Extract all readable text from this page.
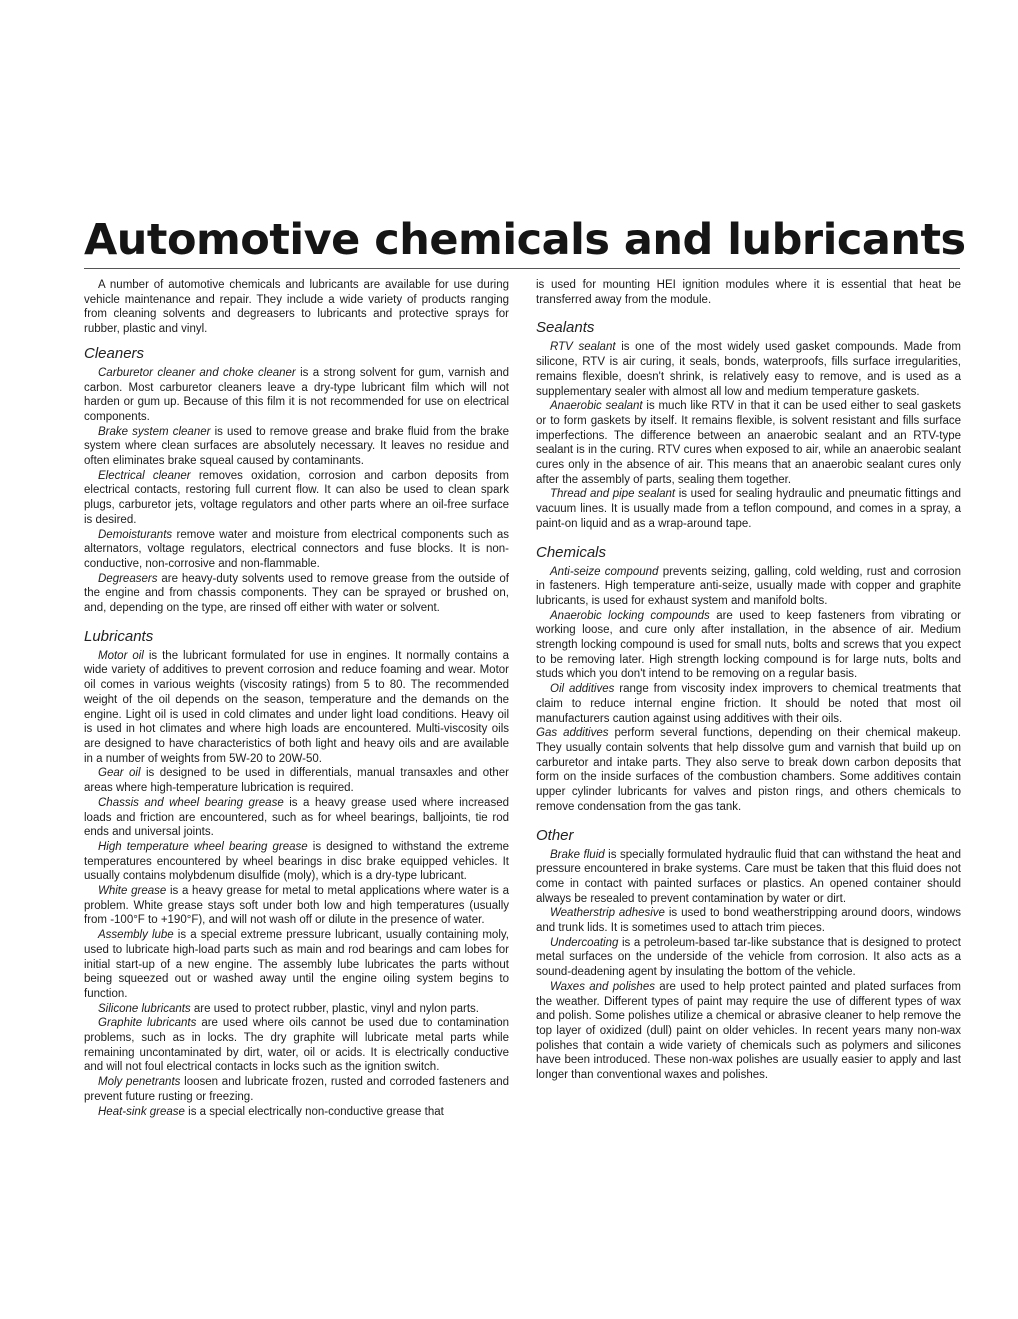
Automotive chemicals and lubricants

A number of automotive chemicals and lubricants are available for use during vehicle maintenance and repair. They include a wide variety of products ranging from cleaning solvents and degreasers to lubricants and protective sprays for rubber, plastic and vinyl.

Cleaners

Carburetor cleaner and choke cleaner is a strong solvent for gum, varnish and carbon. Most carburetor cleaners leave a dry-type lubricant film which will not harden or gum up. Because of this film it is not recommended for use on electrical components.

Brake system cleaner is used to remove grease and brake fluid from the brake system where clean surfaces are absolutely necessary. It leaves no residue and often eliminates brake squeal caused by contaminants.

Electrical cleaner removes oxidation, corrosion and carbon deposits from electrical contacts, restoring full current flow. It can also be used to clean spark plugs, carburetor jets, voltage regulators and other parts where an oil-free surface is desired.

Demoisturants remove water and moisture from electrical components such as alternators, voltage regulators, electrical connectors and fuse blocks. It is non-conductive, non-corrosive and non-flammable.

Degreasers are heavy-duty solvents used to remove grease from the outside of the engine and from chassis components. They can be sprayed or brushed on, and, depending on the type, are rinsed off either with water or solvent.

Lubricants

Motor oil is the lubricant formulated for use in engines. It normally contains a wide variety of additives to prevent corrosion and reduce foaming and wear. Motor oil comes in various weights (viscosity ratings) from 5 to 80. The recommended weight of the oil depends on the season, temperature and the demands on the engine. Light oil is used in cold climates and under light load conditions. Heavy oil is used in hot climates and where high loads are encountered. Multi-viscosity oils are designed to have characteristics of both light and heavy oils and are available in a number of weights from 5W-20 to 20W-50.

Gear oil is designed to be used in differentials, manual transaxles and other areas where high-temperature lubrication is required.

Chassis and wheel bearing grease is a heavy grease used where increased loads and friction are encountered, such as for wheel bearings, balljoints, tie rod ends and universal joints.

High temperature wheel bearing grease is designed to withstand the extreme temperatures encountered by wheel bearings in disc brake equipped vehicles. It usually contains molybdenum disulfide (moly), which is a dry-type lubricant.

White grease is a heavy grease for metal to metal applications where water is a problem. White grease stays soft under both low and high temperatures (usually from -100°F to +190°F), and will not wash off or dilute in the presence of water.

Assembly lube is a special extreme pressure lubricant, usually containing moly, used to lubricate high-load parts such as main and rod bearings and cam lobes for initial start-up of a new engine. The assembly lube lubricates the parts without being squeezed out or washed away until the engine oiling system begins to function.

Silicone lubricants are used to protect rubber, plastic, vinyl and nylon parts.

Graphite lubricants are used where oils cannot be used due to contamination problems, such as in locks. The dry graphite will lubricate metal parts while remaining uncontaminated by dirt, water, oil or acids. It is electrically conductive and will not foul electrical contacts in locks such as the ignition switch.

Moly penetrants loosen and lubricate frozen, rusted and corroded fasteners and prevent future rusting or freezing.

Heat-sink grease is a special electrically non-conductive grease that

is used for mounting HEI ignition modules where it is essential that heat be transferred away from the module.

Sealants

RTV sealant is one of the most widely used gasket compounds. Made from silicone, RTV is air curing, it seals, bonds, waterproofs, fills surface irregularities, remains flexible, doesn't shrink, is relatively easy to remove, and is used as a supplementary sealer with almost all low and medium temperature gaskets.

Anaerobic sealant is much like RTV in that it can be used either to seal gaskets or to form gaskets by itself. It remains flexible, is solvent resistant and fills surface imperfections. The difference between an anaerobic sealant and an RTV-type sealant is in the curing. RTV cures when exposed to air, while an anaerobic sealant cures only in the absence of air. This means that an anaerobic sealant cures only after the assembly of parts, sealing them together.

Thread and pipe sealant is used for sealing hydraulic and pneumatic fittings and vacuum lines. It is usually made from a teflon compound, and comes in a spray, a paint-on liquid and as a wrap-around tape.

Chemicals

Anti-seize compound prevents seizing, galling, cold welding, rust and corrosion in fasteners. High temperature anti-seize, usually made with copper and graphite lubricants, is used for exhaust system and manifold bolts.

Anaerobic locking compounds are used to keep fasteners from vibrating or working loose, and cure only after installation, in the absence of air. Medium strength locking compound is used for small nuts, bolts and screws that you expect to be removing later. High strength locking compound is for large nuts, bolts and studs which you don't intend to be removing on a regular basis.

Oil additives range from viscosity index improvers to chemical treatments that claim to reduce internal engine friction. It should be noted that most oil manufacturers caution against using additives with their oils.

Gas additives perform several functions, depending on their chemical makeup. They usually contain solvents that help dissolve gum and varnish that build up on carburetor and intake parts. They also serve to break down carbon deposits that form on the inside surfaces of the combustion chambers. Some additives contain upper cylinder lubricants for valves and piston rings, and others chemicals to remove condensation from the gas tank.

Other

Brake fluid is specially formulated hydraulic fluid that can withstand the heat and pressure encountered in brake systems. Care must be taken that this fluid does not come in contact with painted surfaces or plastics. An opened container should always be resealed to prevent contamination by water or dirt.

Weatherstrip adhesive is used to bond weatherstripping around doors, windows and trunk lids. It is sometimes used to attach trim pieces.

Undercoating is a petroleum-based tar-like substance that is designed to protect metal surfaces on the underside of the vehicle from corrosion. It also acts as a sound-deadening agent by insulating the bottom of the vehicle.

Waxes and polishes are used to help protect painted and plated surfaces from the weather. Different types of paint may require the use of different types of wax and polish. Some polishes utilize a chemical or abrasive cleaner to help remove the top layer of oxidized (dull) paint on older vehicles. In recent years many non-wax polishes that contain a wide variety of chemicals such as polymers and silicones have been introduced. These non-wax polishes are usually easier to apply and last longer than conventional waxes and polishes.
